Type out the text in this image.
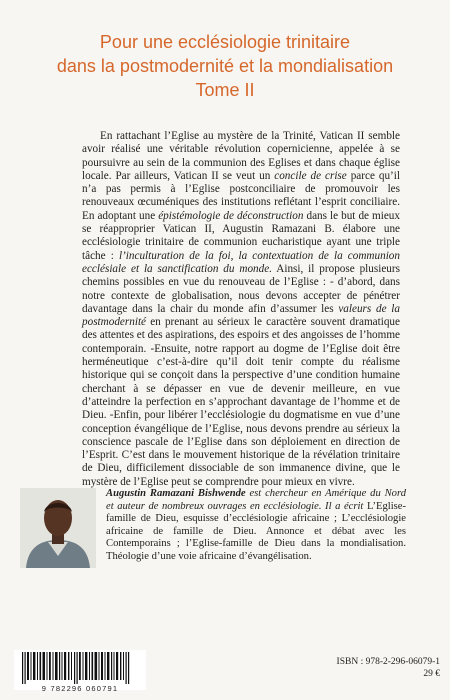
Pour une ecclésiologie trinitaire
dans la postmodernité et la mondialisation
Tome II
En rattachant l’Eglise au mystère de la Trinité, Vatican II semble avoir réalisé une véritable révolution copernicienne, appelée à se poursuivre au sein de la communion des Eglises et dans chaque église locale. Par ailleurs, Vatican II se veut un concile de crise parce qu’il n’a pas permis à l’Eglise postconciliaire de promouvoir les renouveaux œcuméniques des institutions reflétant l’esprit conciliaire. En adoptant une épistémologie de déconstruction dans le but de mieux se réapproprier Vatican II, Augustin Ramazani B. élabore une ecclésiologie trinitaire de communion eucharistique ayant une triple tâche : l’inculturation de la foi, la contextuation de la communion ecclésiale et la sanctification du monde. Ainsi, il propose plusieurs chemins possibles en vue du renouveau de l’Eglise : - d’abord, dans notre contexte de globalisation, nous devons accepter de pénétrer davantage dans la chair du monde afin d’assumer les valeurs de la postmodernité en prenant au sérieux le caractère souvent dramatique des attentes et des aspirations, des espoirs et des angoisses de l’homme contemporain. -Ensuite, notre rapport au dogme de l’Eglise doit être herméneutique c’est-à-dire qu’il doit tenir compte du réalisme historique qui se conçoit dans la perspective d’une condition humaine cherchant à se dépasser en vue de devenir meilleure, en vue d’atteindre la perfection en s’approchant davantage de l’homme et de Dieu. -Enfin, pour libérer l’ecclésiologie du dogmatisme en vue d’une conception évangélique de l’Eglise, nous devons prendre au sérieux la conscience pascale de l’Eglise dans son déploiement en direction de l’Esprit. C’est dans le mouvement historique de la révélation trinitaire de Dieu, difficilement dissociable de son immanence divine, que le mystère de l’Eglise peut se comprendre pour mieux en vivre.
Augustin Ramazani Bishwende est chercheur en Amérique du Nord et auteur de nombreux ouvrages en ecclésiologie. Il a écrit L’Eglise-famille de Dieu, esquisse d’ecclésiologie africaine ; L’ecclésiologie africaine de famille de Dieu. Annonce et débat avec les Contemporains ; l’Eglise-famille de Dieu dans la mondialisation. Théologie d’une voie africaine d’évangélisation.
9 782296 060791
ISBN : 978-2-296-06079-1
29 €
